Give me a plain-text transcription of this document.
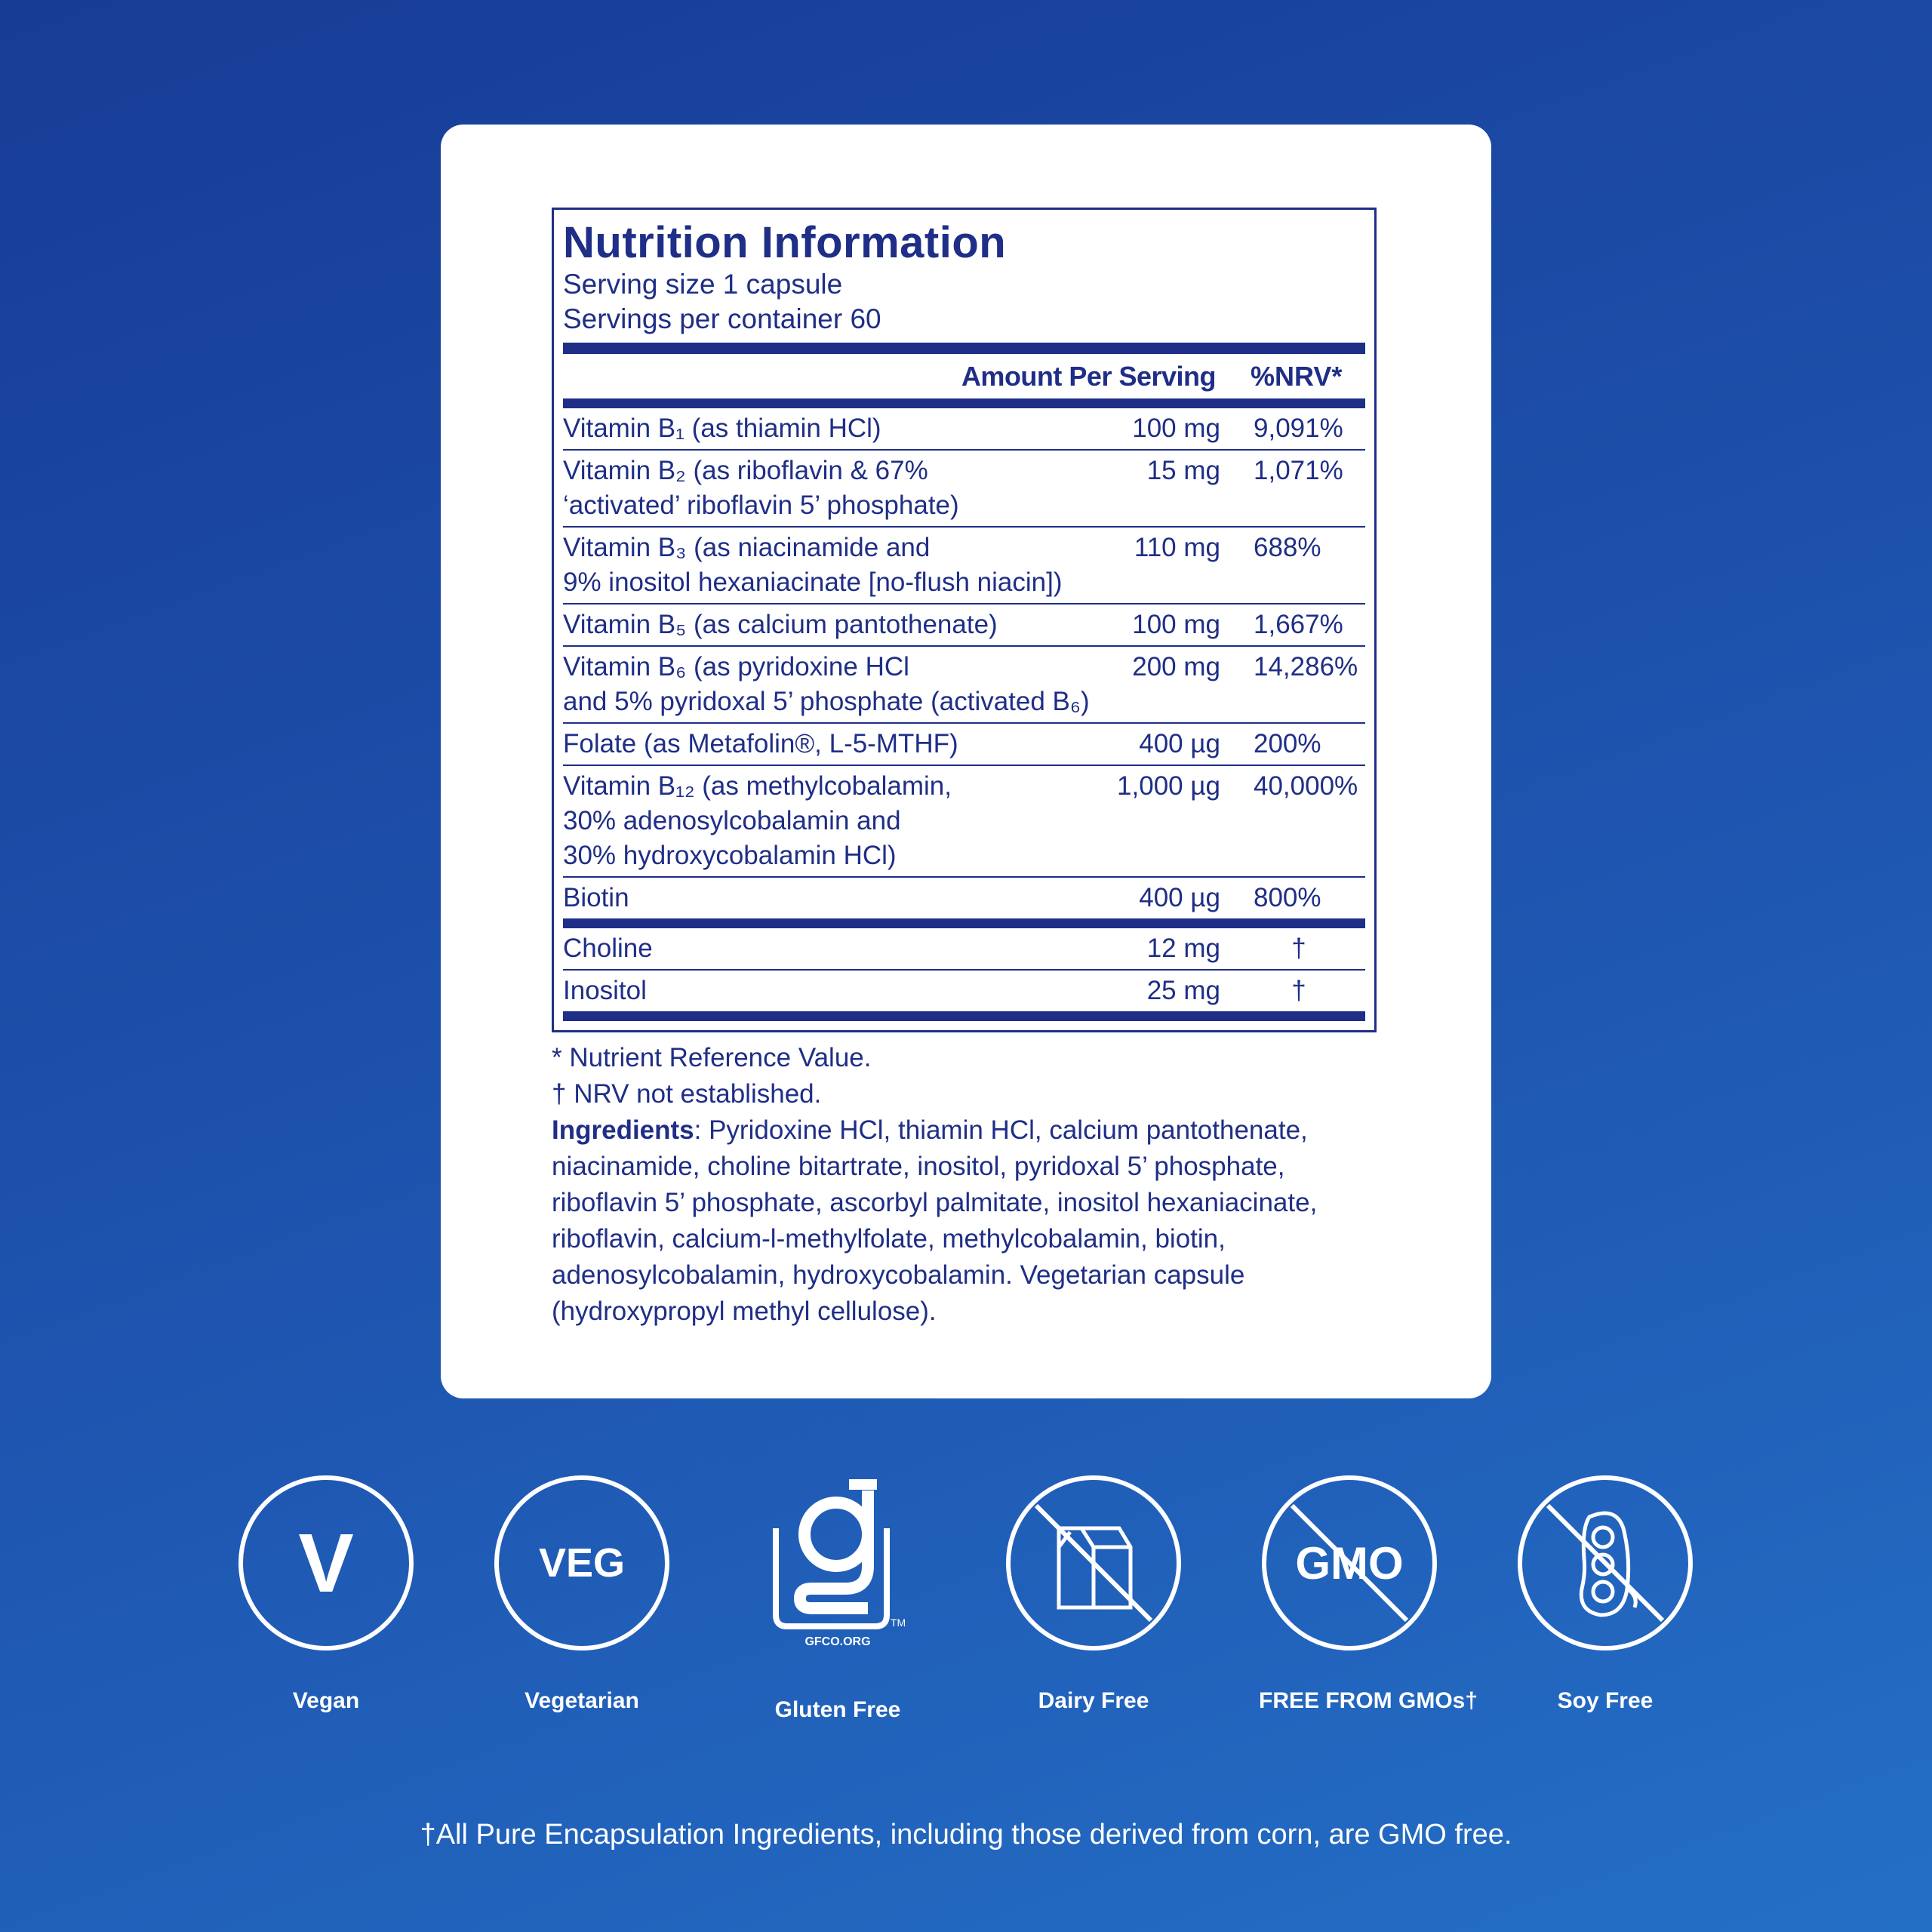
Nutrition Information
Serving size 1 capsule
Servings per container 60
Amount Per Serving	%NRV*
Vitamin B₁ (as thiamin HCl)	100 mg	9,091%
Vitamin B₂ (as riboflavin & 67%
‘activated’ riboflavin 5’ phosphate)
15 mg	1,071%
Vitamin B₃ (as niacinamide and
9% inositol hexaniacinate [no-flush niacin])
110 mg	688%
Vitamin B₅ (as calcium pantothenate)	100 mg	1,667%
Vitamin B₆ (as pyridoxine HCl
and 5% pyridoxal 5’ phosphate (activated B₆)
200 mg	14,286%
Folate (as Metafolin®, L-5-MTHF)	400 µg	200%
Vitamin B₁₂ (as methylcobalamin,
30% adenosylcobalamin and
30% hydroxycobalamin HCl)
1,000 µg	40,000%
Biotin	400 µg	800%
Choline	12 mg	†
Inositol	25 mg	†
* Nutrient Reference Value.
† NRV not established.
Ingredients: Pyridoxine HCl, thiamin HCl, calcium pantothenate, niacinamide, choline bitartrate, inositol, pyridoxal 5’ phosphate, riboflavin 5’ phosphate, ascorbyl palmitate, inositol hexaniacinate, riboflavin, calcium-l-methylfolate, methylcobalamin, biotin, adenosylcobalamin, hydroxycobalamin. Vegetarian capsule (hydroxypropyl methyl cellulose).
V
Vegan
VEG
Vegetarian
TM
GFCO.ORG
Gluten Free	Dairy Free
GMO
FREE FROM GMOs†	Soy Free
†All Pure Encapsulation Ingredients, including those derived from corn, are GMO free.
